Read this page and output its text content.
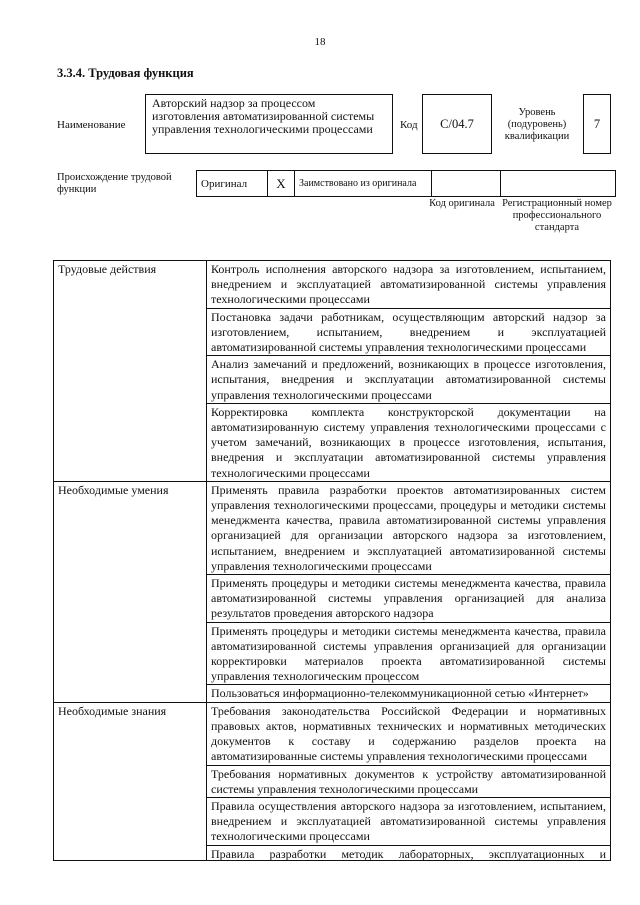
18
3.3.4. Трудовая функция
Наименование
Авторский надзор за процессом изготовления автоматизированной системы управления технологическими процессами	Код	C/04.7
Уровень (подуровень) квалификации
7
Происхождение трудовой функции	Оригинал	X	Заимствовано из оригинала		
Код оригинала Регистрационный номер профессионального стандарта
Трудовые действия	Контроль исполнения авторского надзора за изготовлением, испытанием, внедрением и эксплуатацией автоматизированной системы управления технологическими процессами
	Постановка задачи работникам, осуществляющим авторский надзор за изготовлением, испытанием, внедрением и эксплуатацией автоматизированной системы управления технологическими процессами
	Анализ замечаний и предложений, возникающих в процессе изготовления, испытания, внедрения и эксплуатации автоматизированной системы управления технологическими процессами
	Корректировка комплекта конструкторской документации на автоматизированную систему управления технологическими процессами с учетом замечаний, возникающих в процессе изготовления, испытания, внедрения и эксплуатации автоматизированной системы управления технологическими процессами
Необходимые умения	Применять правила разработки проектов автоматизированных систем управления технологическими процессами, процедуры и методики системы менеджмента качества, правила автоматизированной системы управления организацией для организации авторского надзора за изготовлением, испытанием, внедрением и эксплуатацией автоматизированной системы управления технологическими процессами
	Применять процедуры и методики системы менеджмента качества, правила автоматизированной системы управления организацией для анализа результатов проведения авторского надзора
	Применять процедуры и методики системы менеджмента качества, правила автоматизированной системы управления организацией для организации корректировки материалов проекта автоматизированной системы управления технологическим процессом
	Пользоваться информационно-телекоммуникационной сетью «Интернет»
Необходимые знания	Требования законодательства Российской Федерации и нормативных правовых актов, нормативных технических и нормативных методических документов к составу и содержанию разделов проекта на автоматизированные системы управления технологическими процессами
	Требования нормативных документов к устройству автоматизированной системы управления технологическими процессами
	Правила осуществления авторского надзора за изготовлением, испытанием, внедрением и эксплуатацией автоматизированной системы управления технологическими процессами

	Правила разработки методик лабораторных, эксплуатационных и
